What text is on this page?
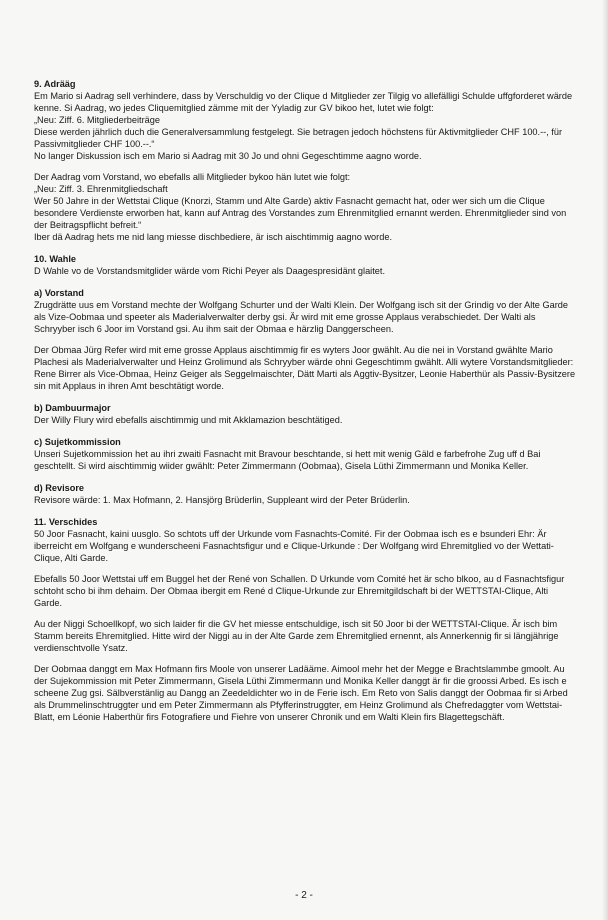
9. Adrääg

Em Mario si Aadrag sell verhindere, dass by Verschuldig vo der Clique d Mitglieder zer Tilgig vo allefälligi Schulde uffgforderet wärde kenne. Si Aadrag, wo jedes Cliquemitglied zämme mit der Yyladig zur GV bikoo het, lutet wie folgt:
„Neu: Ziff. 6. Mitgliederbeiträge
Diese werden jährlich duch die Generalversammlung festgelegt. Sie betragen jedoch höchstens für Aktivmitglieder CHF 100.--, für Passivmitglieder CHF 100.--.“
No langer Diskussion isch em Mario si Aadrag mit 30 Jo und ohni Gegeschtimme aagno worde.

Der Aadrag vom Vorstand, wo ebefalls alli Mitglieder bykoo hän lutet wie folgt:
„Neu: Ziff. 3. Ehrenmitgliedschaft
Wer 50 Jahre in der Wettstai Clique (Knorzi, Stamm und Alte Garde) aktiv Fasnacht gemacht hat, oder wer sich um die Clique besondere Verdienste erworben hat, kann auf Antrag des Vorstandes zum Ehrenmitglied ernannt werden. Ehrenmitglieder sind von der Beitragspflicht befreit.“
Iber dä Aadrag hets me nid lang miesse dischbediere, är isch aischtimmig aagno worde.

10. Wahle

D Wahle vo de Vorstandsmitglider wärde vom Richi Peyer als Daagespresidänt glaitet.

a) Vorstand

Zrugdrätte uus em Vorstand mechte der Wolfgang Schurter und der Walti Klein. Der Wolfgang isch sit der Grindig vo der Alte Garde als Vize-Oobmaa und speeter als Maderialverwalter derby gsi. Är wird mit eme grosse Applaus verabschiedet. Der Walti als Schryyber isch 6 Joor im Vorstand gsi. Au ihm sait der Obmaa e härzlig Danggerscheen.

Der Obmaa Jürg Refer wird mit eme grosse Applaus aischtimmig fir es wyters Joor gwählt. Au die nei in Vorstand gwählte Mario Plachesi als Maderialverwalter und Heinz Grolimund als Schryyber wärde ohni Gegeschtimm gwählt. Alli wytere Vorstandsmitglieder: Rene Birrer als Vice-Obmaa, Heinz Geiger als Seggelmaischter, Dätt Marti als Aggtiv-Bysitzer, Leonie Haberthür als Passiv-Bysitzere sin mit Applaus in ihren Amt beschtätigt worde.

b) Dambuurmajor

Der Willy Flury wird ebefalls aischtimmig und mit Akklamazion beschtätiged.

c) Sujetkommission

Unseri Sujetkommission het au ihri zwaiti Fasnacht mit Bravour beschtande, si hett mit wenig Gäld e farbefrohe Zug uff d Bai geschtellt. Si wird aischtimmig wiider gwählt: Peter Zimmermann (Oobmaa), Gisela Lüthi Zimmermann und Monika Keller.

d) Revisore

Revisore wärde: 1. Max Hofmann, 2. Hansjörg Brüderlin, Suppleant wird der Peter Brüderlin.

11. Verschides

50 Joor Fasnacht, kaini uusglo. So schtots uff der Urkunde vom Fasnachts-Comité. Fir der Oobmaa isch es e bsunderi Ehr: Är iberreicht em Wolfgang e wunderscheeni Fasnachtsfigur und e Clique-Urkunde : Der Wolfgang wird Ehremitglied vo der Wettati-Clique, Alti Garde.

Ebefalls 50 Joor Wettstai uff em Buggel het der René von Schallen. D Urkunde vom Comité het är scho blkoo, au d Fasnachtsfigur schtoht scho bi ihm dehaim. Der Obmaa ibergit em René d Clique-Urkunde zur Ehremitgildschaft bi der WETTSTAI-Clique, Alti Garde.

Au der Niggi Schoellkopf, wo sich laider fir die GV het miesse entschuldige, isch sit 50 Joor bi der WETTSTAI-Clique. Är isch bim Stamm bereits Ehremitglied. Hitte wird der Niggi au in der Alte Garde zem Ehremitglied ernennt, als Annerkennig fir si längjährige verdienschtvolle Ysatz.

Der Oobmaa danggt em Max Hofmann firs Moole von unserer Ladääme. Aimool mehr het der Megge e Brachtslammbe gmoolt. Au der Sujekommission mit Peter Zimmermann, Gisela Lüthi Zimmermann und Monika Keller danggt är fir die groossi Arbed. Es isch e scheene Zug gsi. Sälbverstänlig au Dangg an Zeedeldichter wo in de Ferie isch. Em Reto von Salis danggt der Oobmaa fir si Arbed als Drummelinschtruggter und em Peter Zimmermann als Pfyfferinstruggter, em Heinz Grolimund als Chefredaggter vom Wettstai-Blatt, em Léonie Haberthür firs Fotografiere und Fiehre von unserer Chronik und em Walti Klein firs Blagettegschäft.

- 2 -
